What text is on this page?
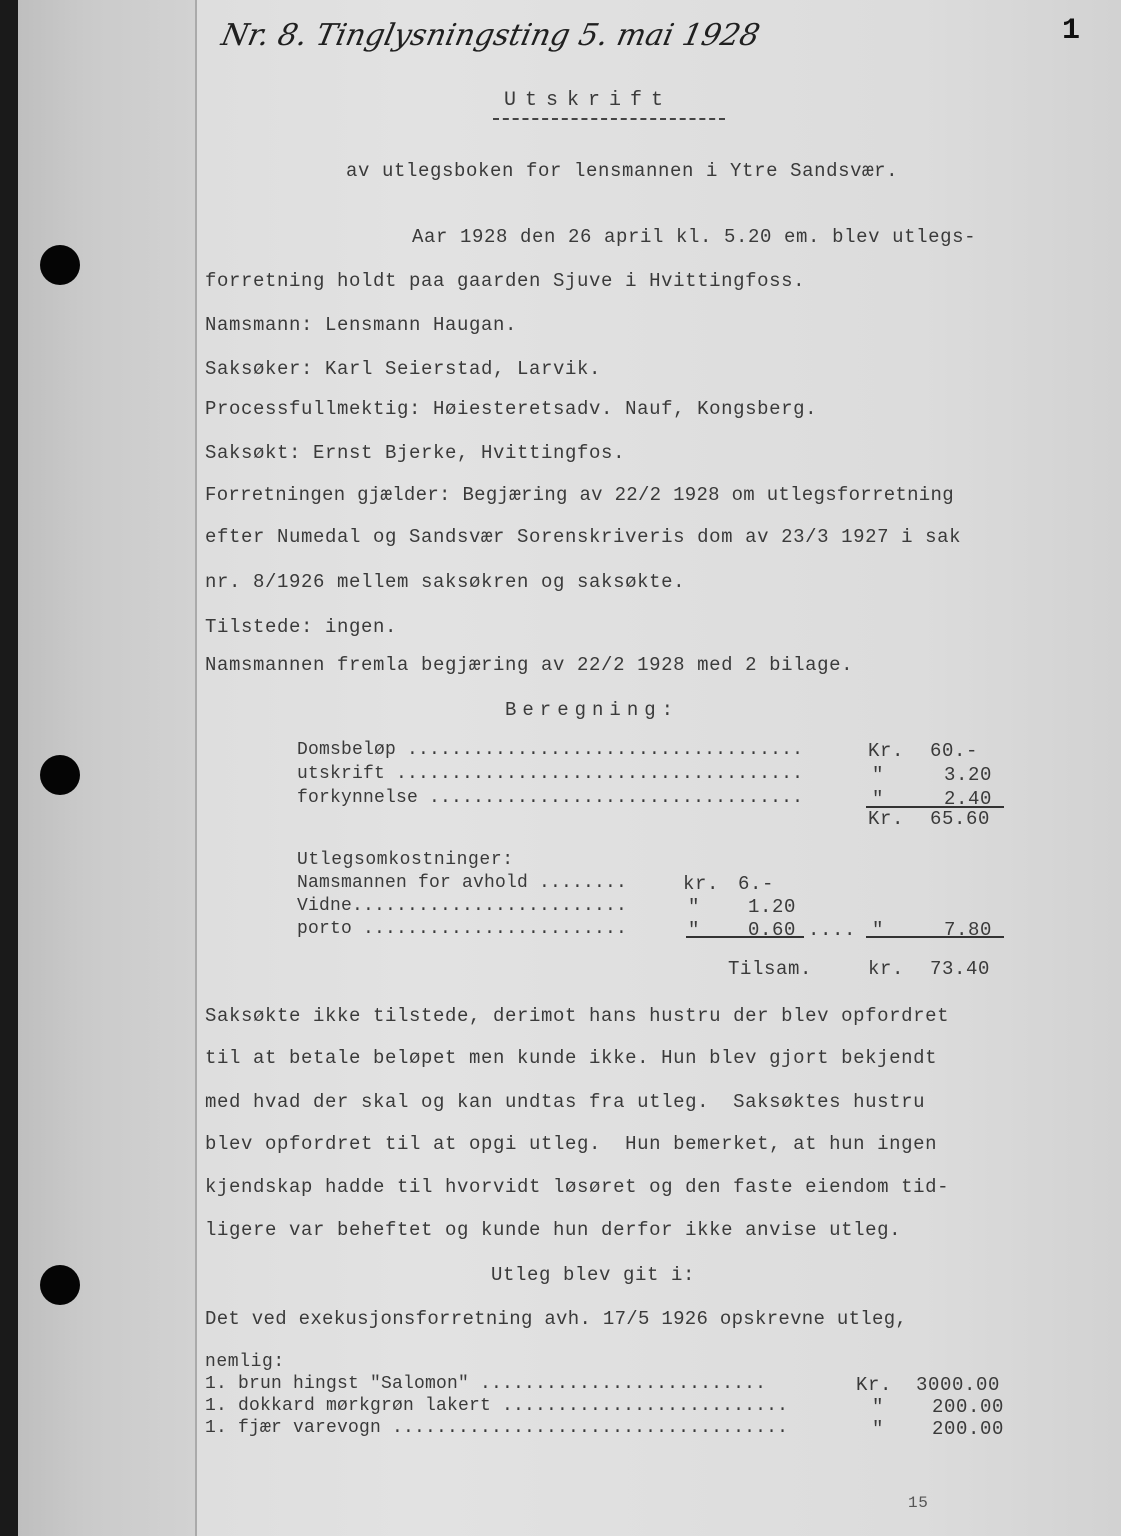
Nr. 8. Tinglysningsting 5. mai 1928	1
Utskrift
av utlegsboken for lensmannen i Ytre Sandsvær.
Aar 1928 den 26 april kl. 5.20 em. blev utlegs-
forretning holdt paa gaarden Sjuve i Hvittingfoss.
Namsmann: Lensmann Haugan.
Saksøker: Karl Seierstad, Larvik.
Processfullmektig: Høiesteretsadv. Nauf, Kongsberg.
Saksøkt: Ernst Bjerke, Hvittingfos.
Forretningen gjælder: Begjæring av 22/2 1928 om utlegsforretning
efter Numedal og Sandsvær Sorenskriveris dom av 23/3 1927 i sak
nr. 8/1926 mellem saksøkren og saksøkte.
Tilstede: ingen.
Namsmannen fremla begjæring av 22/2 1928 med 2 bilage.
Beregning:
Domsbeløp ....................................	Kr. 60.-
utskrift .....................................	"	3.20
forkynnelse ..................................	"	2.40
Kr. 65.60
Utlegsomkostninger:
Namsmannen for avhold ........	kr. 6.-
Vidne.........................	"	1.20
porto ........................	"	0.60 .... "	7.80
Tilsam.	kr. 73.40
Saksøkte ikke tilstede, derimot hans hustru der blev opfordret
til at betale beløpet men kunde ikke. Hun blev gjort bekjendt
med hvad der skal og kan undtas fra utleg.  Saksøktes hustru
blev opfordret til at opgi utleg.  Hun bemerket, at hun ingen
kjendskap hadde til hvorvidt løsøret og den faste eiendom tid-
ligere var beheftet og kunde hun derfor ikke anvise utleg.
Utleg blev git i:
Det ved exekusjonsforretning avh. 17/5 1926 opskrevne utleg,
nemlig:
1. brun hingst "Salomon" ..........................	Kr. 3000.00
1. dokkard mørkgrøn lakert ..........................	"	200.00
1. fjær varevogn ....................................	"	200.00
15
